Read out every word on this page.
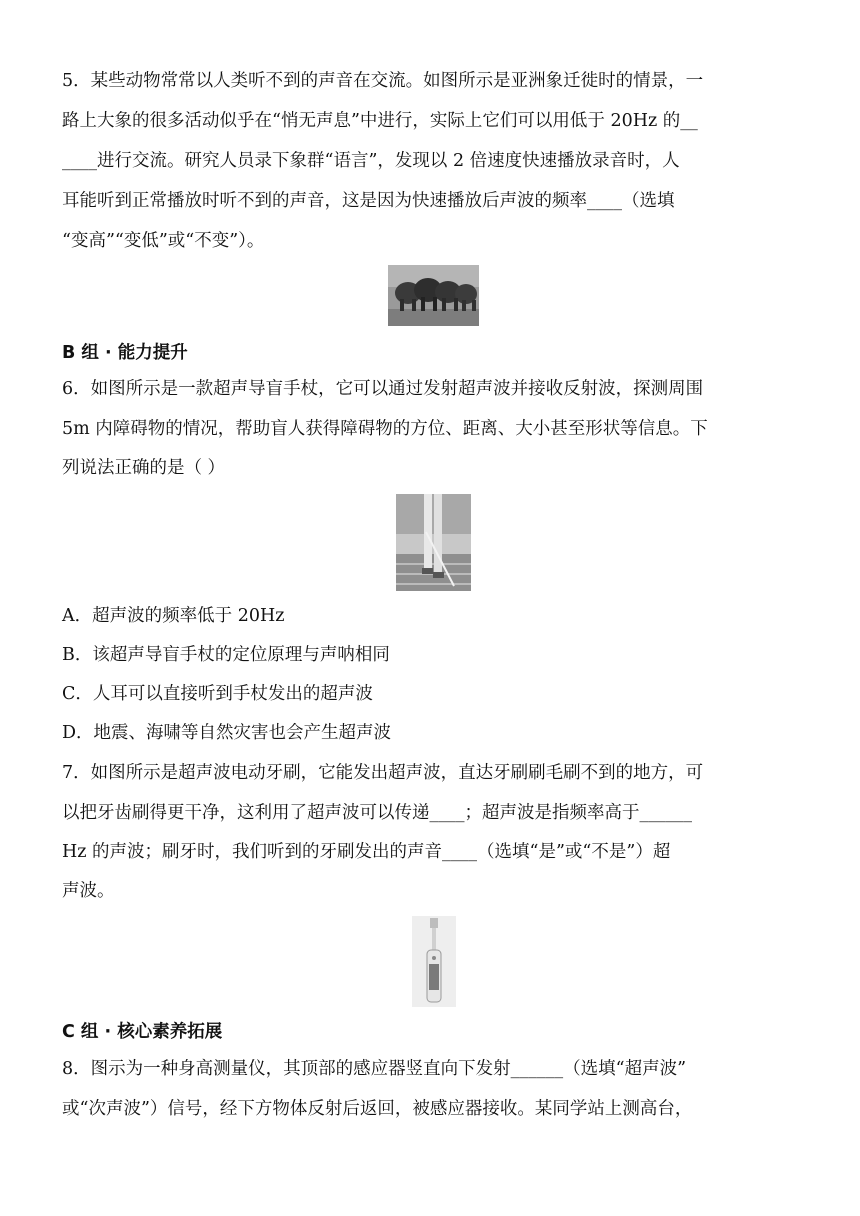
5．某些动物常常以人类听不到的声音在交流。如图所示是亚洲象迁徙时的情景，一
路上大象的很多活动似乎在“悄无声息”中进行，实际上它们可以用低于 20Hz 的__
____进行交流。研究人员录下象群“语言”，发现以 2 倍速度快速播放录音时，人
耳能听到正常播放时听不到的声音，这是因为快速播放后声波的频率____（选填
“变高”“变低”或“不变”）。
B 组 · 能力提升
6．如图所示是一款超声导盲手杖，它可以通过发射超声波并接收反射波，探测周围
5m 内障碍物的情况，帮助盲人获得障碍物的方位、距离、大小甚至形状等信息。下
列说法正确的是（ ）
A．超声波的频率低于 20Hz
B．该超声导盲手杖的定位原理与声呐相同
C．人耳可以直接听到手杖发出的超声波
D．地震、海啸等自然灾害也会产生超声波
7．如图所示是超声波电动牙刷，它能发出超声波，直达牙刷刷毛刷不到的地方，可
以把牙齿刷得更干净，这利用了超声波可以传递____；超声波是指频率高于______
Hz 的声波；刷牙时，我们听到的牙刷发出的声音____（选填“是”或“不是”）超
声波。
C 组 · 核心素养拓展
8．图示为一种身高测量仪，其顶部的感应器竖直向下发射______（选填“超声波”
或“次声波”）信号，经下方物体反射后返回，被感应器接收。某同学站上测高台，
